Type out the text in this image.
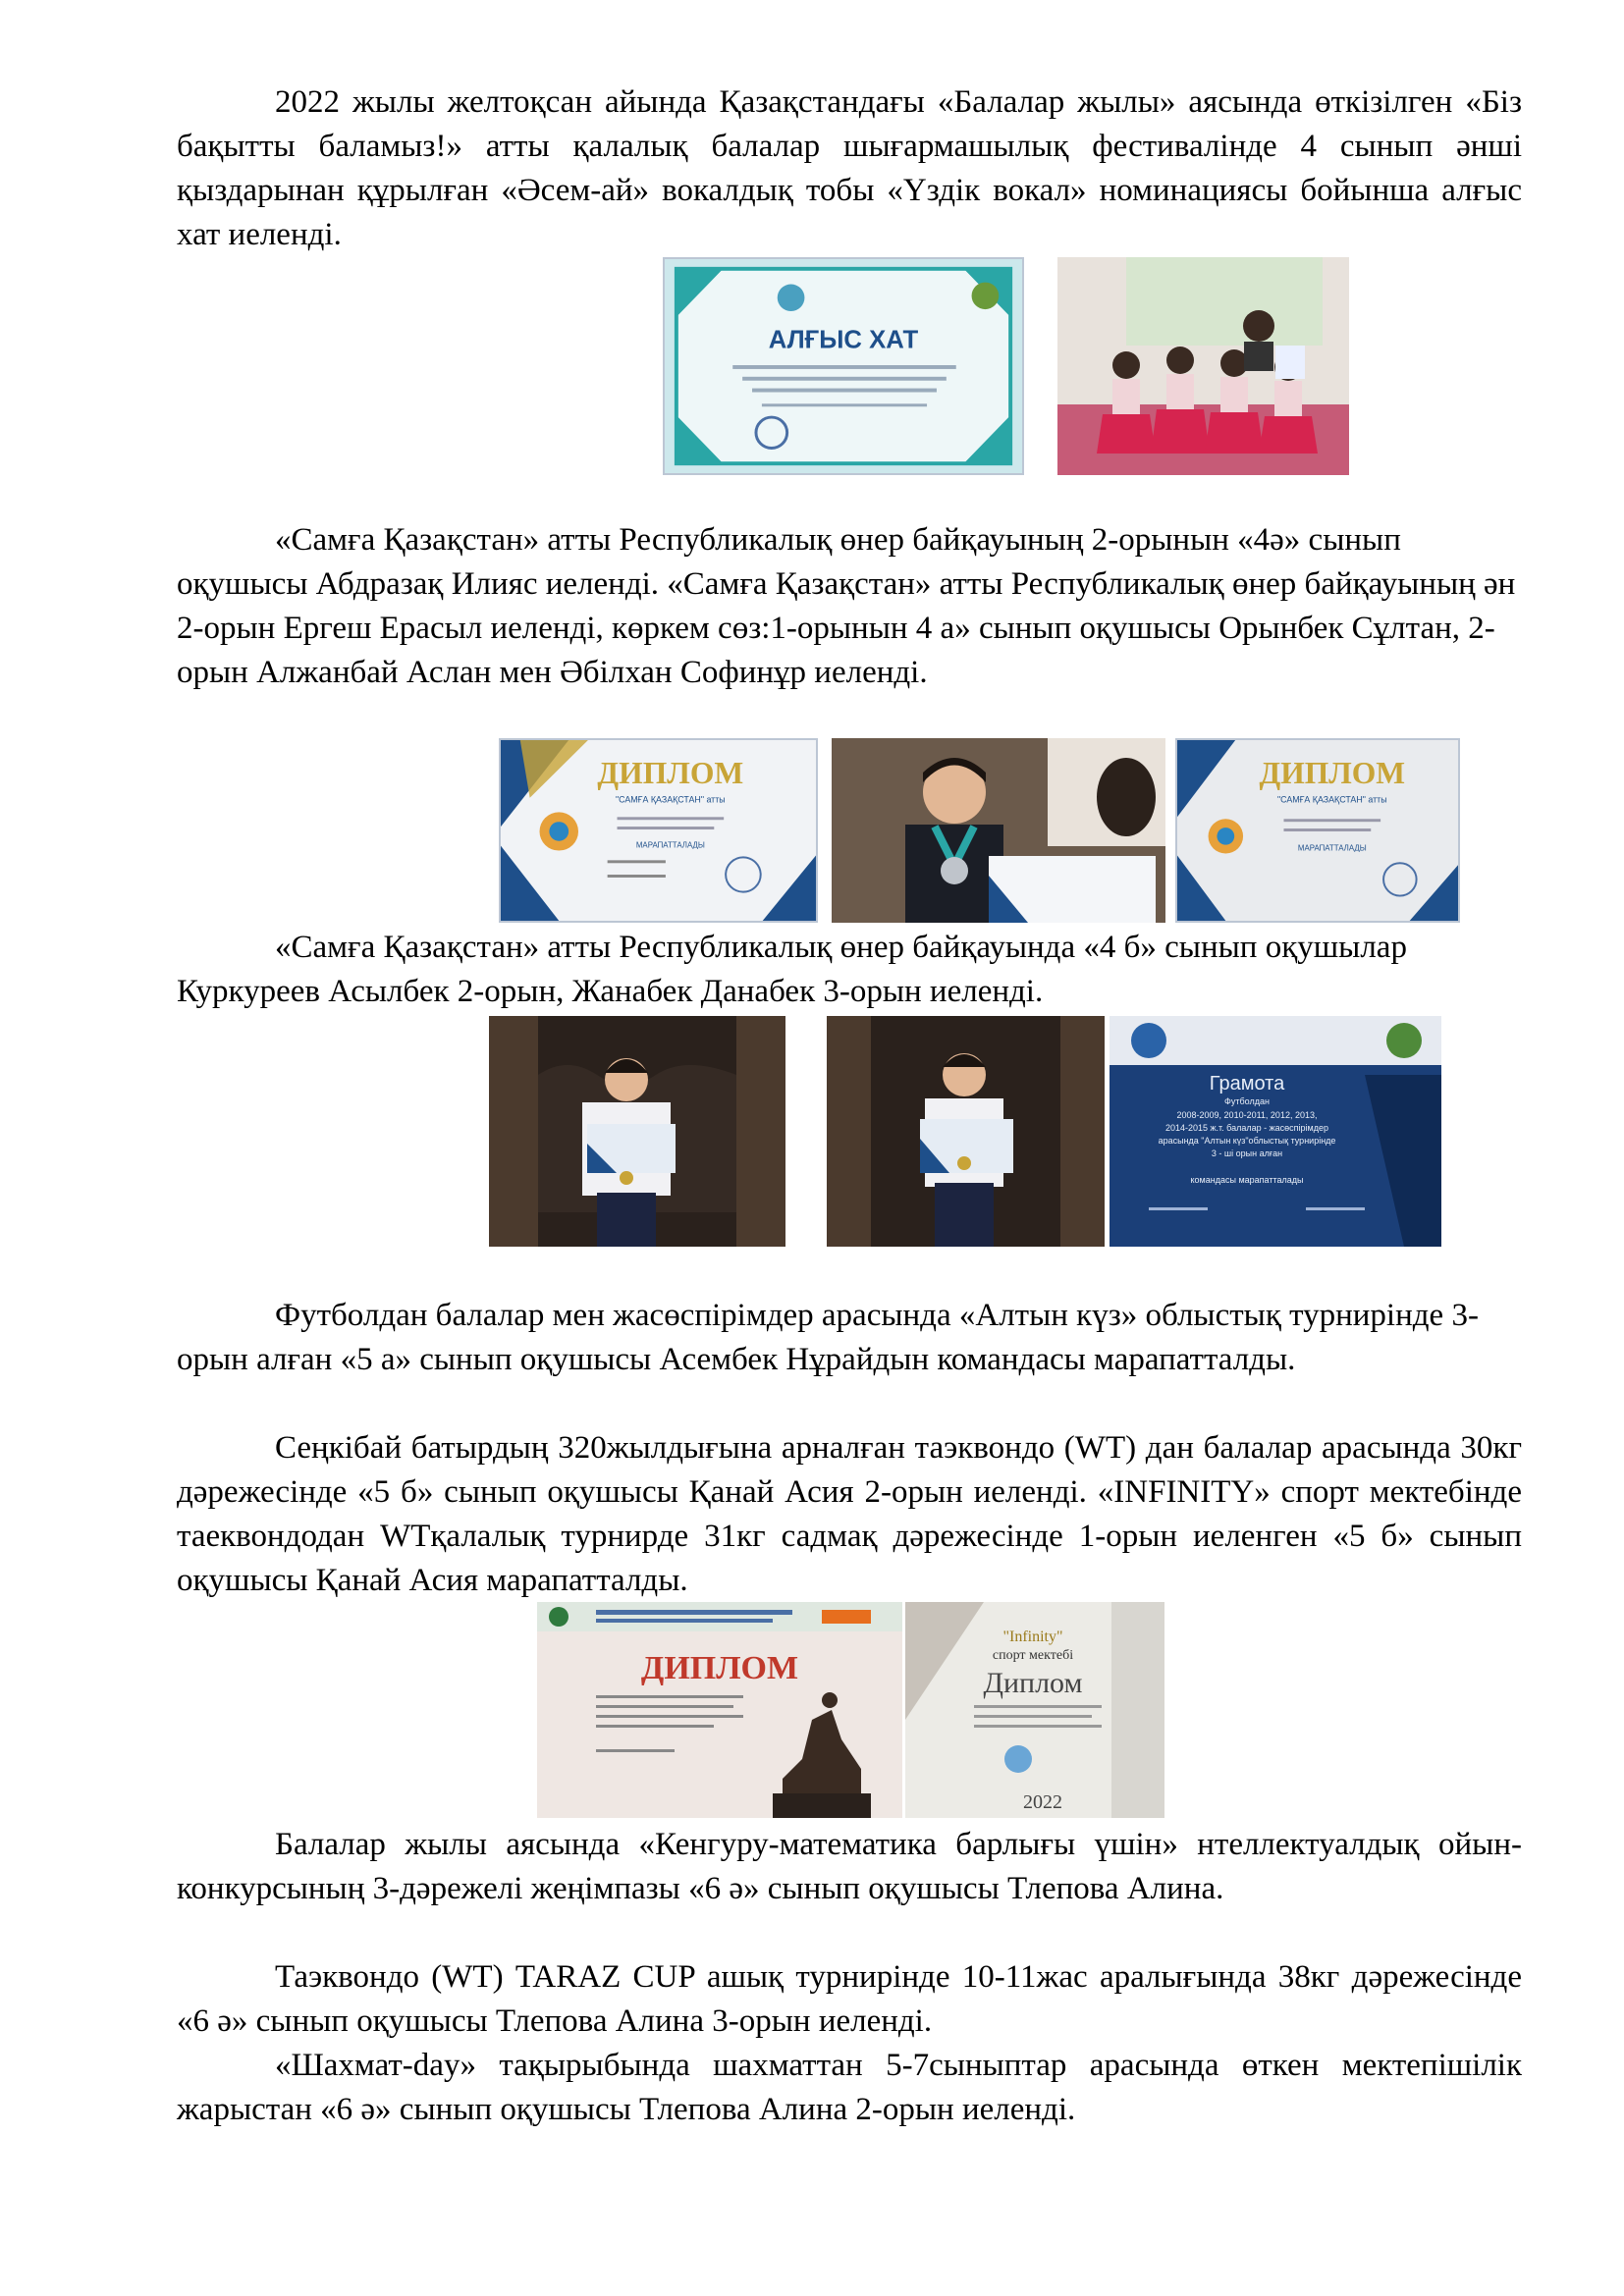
2022 жылы желтоқсан айында Қазақстандағы «Балалар жылы» аясында өткізілген «Біз бақытты баламыз!» атты қалалық балалар шығармашылық фестивалінде 4 сынып әнші қыздарынан құрылған «Әсем-ай» вокалдық тобы «Үздік вокал» номинациясы бойынша алғыс хат иеленді.

АЛҒЫС ХАТ

«Самға Қазақстан» атты Республикалық өнер байқауының 2-орынын «4ә» сынып оқушысы Абдразақ Илияс иеленді. «Самға Қазақстан» атты Республикалық өнер байқауының ән 2-орын Ергеш Ерасыл иеленді, көркем сөз:1-орынын 4 а» сынып оқушысы Орынбек Сұлтан, 2-орын Алжанбай Аслан мен Әбілхан Софинұр иеленді.

ДИПЛОМ
"САМҒА ҚАЗАҚСТАН" атты
МАРАПАТТАЛАДЫ
ДИПЛОМ
"САМҒА ҚАЗАҚСТАН" атты
МАРАПАТТАЛАДЫ

«Самға Қазақстан» атты Республикалық өнер байқауында «4 б» сынып оқушылар Куркуреев Асылбек 2-орын, Жанабек Данабек 3-орын иеленді.

Грамота
Футболдан
2008-2009, 2010-2011, 2012, 2013,
2014-2015 ж.т. балалар - жасөспірімдер
арасында "Алтын күз"облыстық турнирінде
3 - ші орын алған
командасы марапатталады

Футболдан балалар мен жасөспірімдер арасында «Алтын күз» облыстық турнирінде 3-орын алған «5 а» сынып оқушысы Асембек Нұрайдын командасы марапатталды.

Сеңкібай батырдың 320жылдығына арналған таэквондо (WT) дан балалар арасында 30кг дәрежесінде «5 б» сынып оқушысы Қанай Асия 2-орын иеленді. «INFINITY» спорт мектебінде таеквондодан WTқалалық турнирде 31кг садмақ дәрежесінде 1-орын иеленген «5 б» сынып оқушысы Қанай Асия марапатталды.

ДИПЛОМ
"Infinity"
спорт мектебі
Диплом
2022

Балалар жылы аясында «Кенгуру-математика барлығы үшін» нтеллектуалдық ойын-конкурсының 3-дәрежелі жеңімпазы «6 ә» сынып оқушысы Тлепова Алина.

Таэквондо (WT) TARAZ CUP ашық турнирінде 10-11жас аралығында 38кг дәрежесінде «6 ә» сынып оқушысы Тлепова Алина 3-орын иеленді.

«Шахмат-day» тақырыбында шахматтан 5-7сыныптар арасында өткен мектепішілік жарыстан «6 ә» сынып оқушысы Тлепова Алина 2-орын иеленді.
